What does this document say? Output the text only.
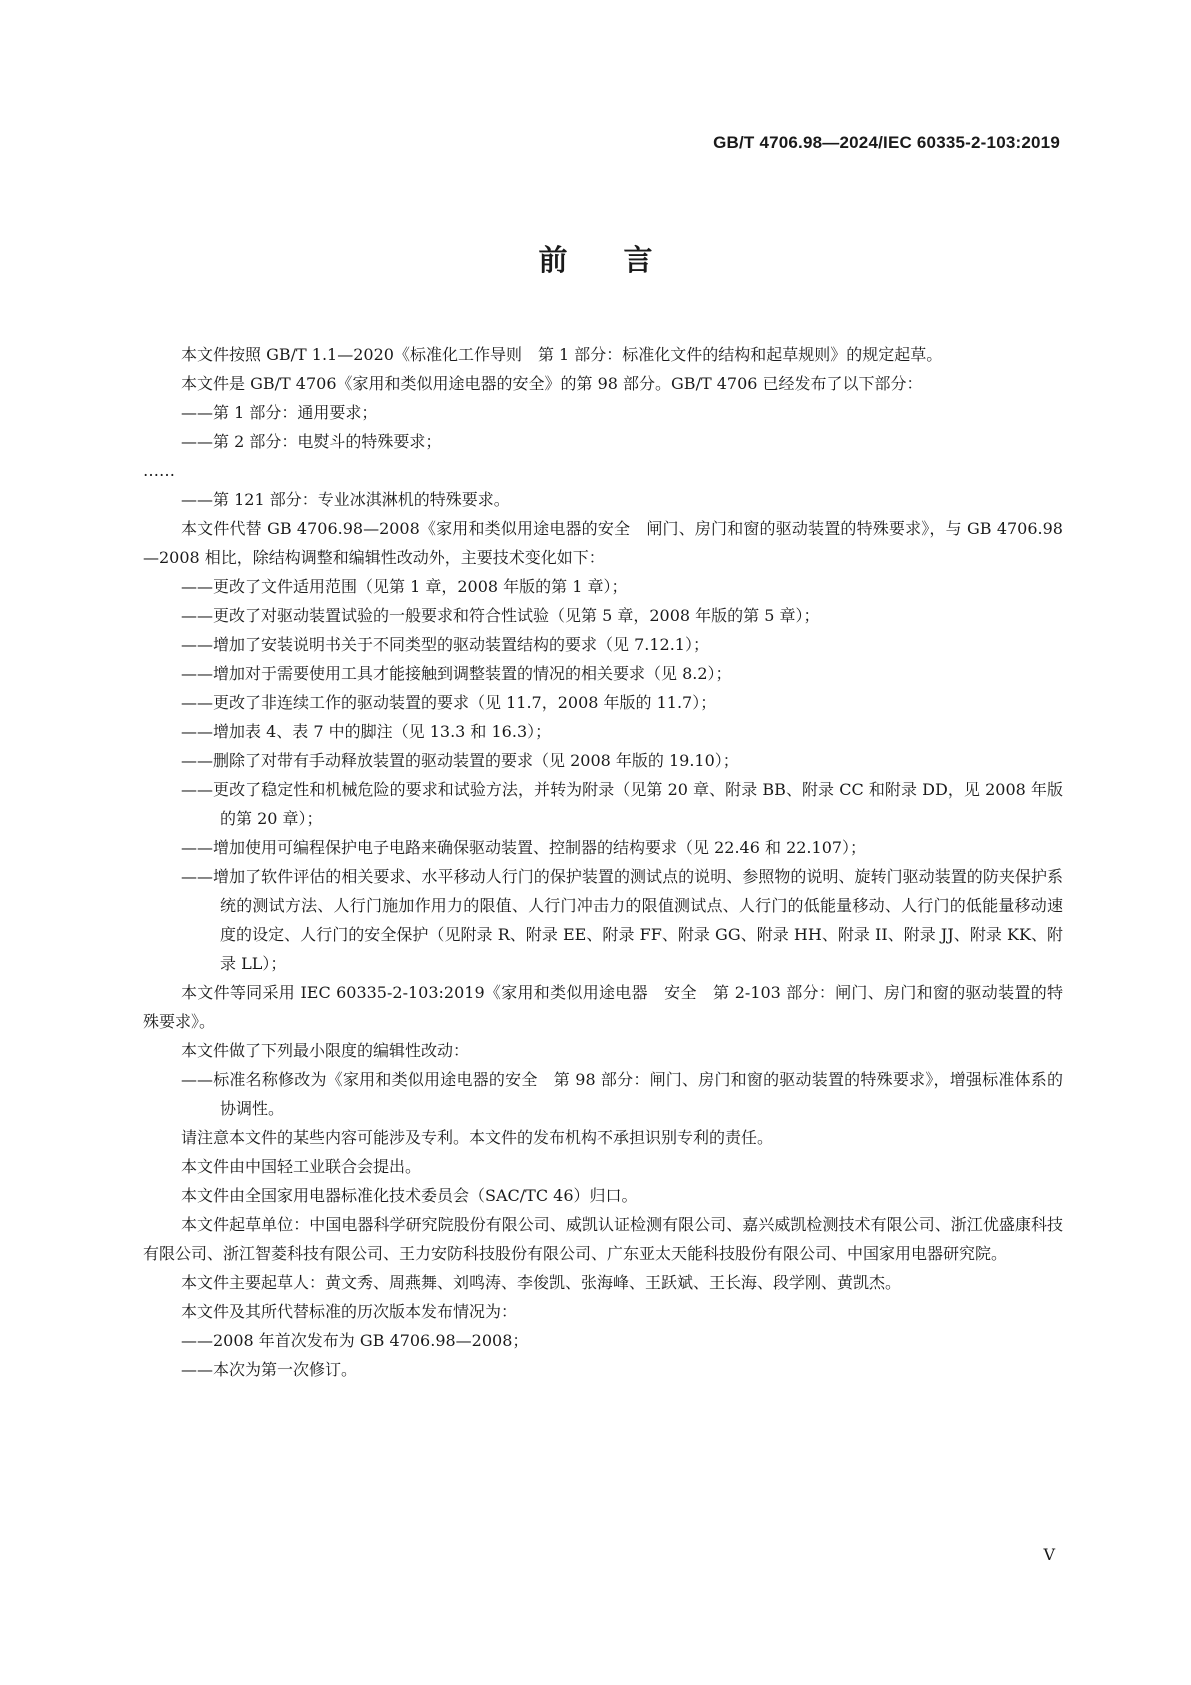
GB/T 4706.98—2024/IEC 60335-2-103:2019
前言
本文件按照 GB/T 1.1—2020《标准化工作导则　第 1 部分：标准化文件的结构和起草规则》的规定起草。
本文件是 GB/T 4706《家用和类似用途电器的安全》的第 98 部分。GB/T 4706 已经发布了以下部分：
——第 1 部分：通用要求；
——第 2 部分：电熨斗的特殊要求；
……
——第 121 部分：专业冰淇淋机的特殊要求。
本文件代替 GB 4706.98—2008《家用和类似用途电器的安全　闸门、房门和窗的驱动装置的特殊要求》，与 GB 4706.98—2008 相比，除结构调整和编辑性改动外，主要技术变化如下：
——更改了文件适用范围（见第 1 章，2008 年版的第 1 章）；
——更改了对驱动装置试验的一般要求和符合性试验（见第 5 章，2008 年版的第 5 章）；
——增加了安装说明书关于不同类型的驱动装置结构的要求（见 7.12.1）；
——增加对于需要使用工具才能接触到调整装置的情况的相关要求（见 8.2）；
——更改了非连续工作的驱动装置的要求（见 11.7，2008 年版的 11.7）；
——增加表 4、表 7 中的脚注（见 13.3 和 16.3）；
——删除了对带有手动释放装置的驱动装置的要求（见 2008 年版的 19.10）；
——更改了稳定性和机械危险的要求和试验方法，并转为附录（见第 20 章、附录 BB、附录 CC 和附录 DD，见 2008 年版的第 20 章）；
——增加使用可编程保护电子电路来确保驱动装置、控制器的结构要求（见 22.46 和 22.107）；
——增加了软件评估的相关要求、水平移动人行门的保护装置的测试点的说明、参照物的说明、旋转门驱动装置的防夹保护系统的测试方法、人行门施加作用力的限值、人行门冲击力的限值测试点、人行门的低能量移动、人行门的低能量移动速度的设定、人行门的安全保护（见附录 R、附录 EE、附录 FF、附录 GG、附录 HH、附录 II、附录 JJ、附录 KK、附录 LL）；
本文件等同采用 IEC 60335-2-103:2019《家用和类似用途电器　安全　第 2-103 部分：闸门、房门和窗的驱动装置的特殊要求》。
本文件做了下列最小限度的编辑性改动：
——标准名称修改为《家用和类似用途电器的安全　第 98 部分：闸门、房门和窗的驱动装置的特殊要求》，增强标准体系的协调性。
请注意本文件的某些内容可能涉及专利。本文件的发布机构不承担识别专利的责任。
本文件由中国轻工业联合会提出。
本文件由全国家用电器标准化技术委员会（SAC/TC 46）归口。
本文件起草单位：中国电器科学研究院股份有限公司、威凯认证检测有限公司、嘉兴威凯检测技术有限公司、浙江优盛康科技有限公司、浙江智菱科技有限公司、王力安防科技股份有限公司、广东亚太天能科技股份有限公司、中国家用电器研究院。
本文件主要起草人：黄文秀、周燕舞、刘鸣涛、李俊凯、张海峰、王跃斌、王长海、段学刚、黄凯杰。
本文件及其所代替标准的历次版本发布情况为：
——2008 年首次发布为 GB 4706.98—2008；
——本次为第一次修订。
V
